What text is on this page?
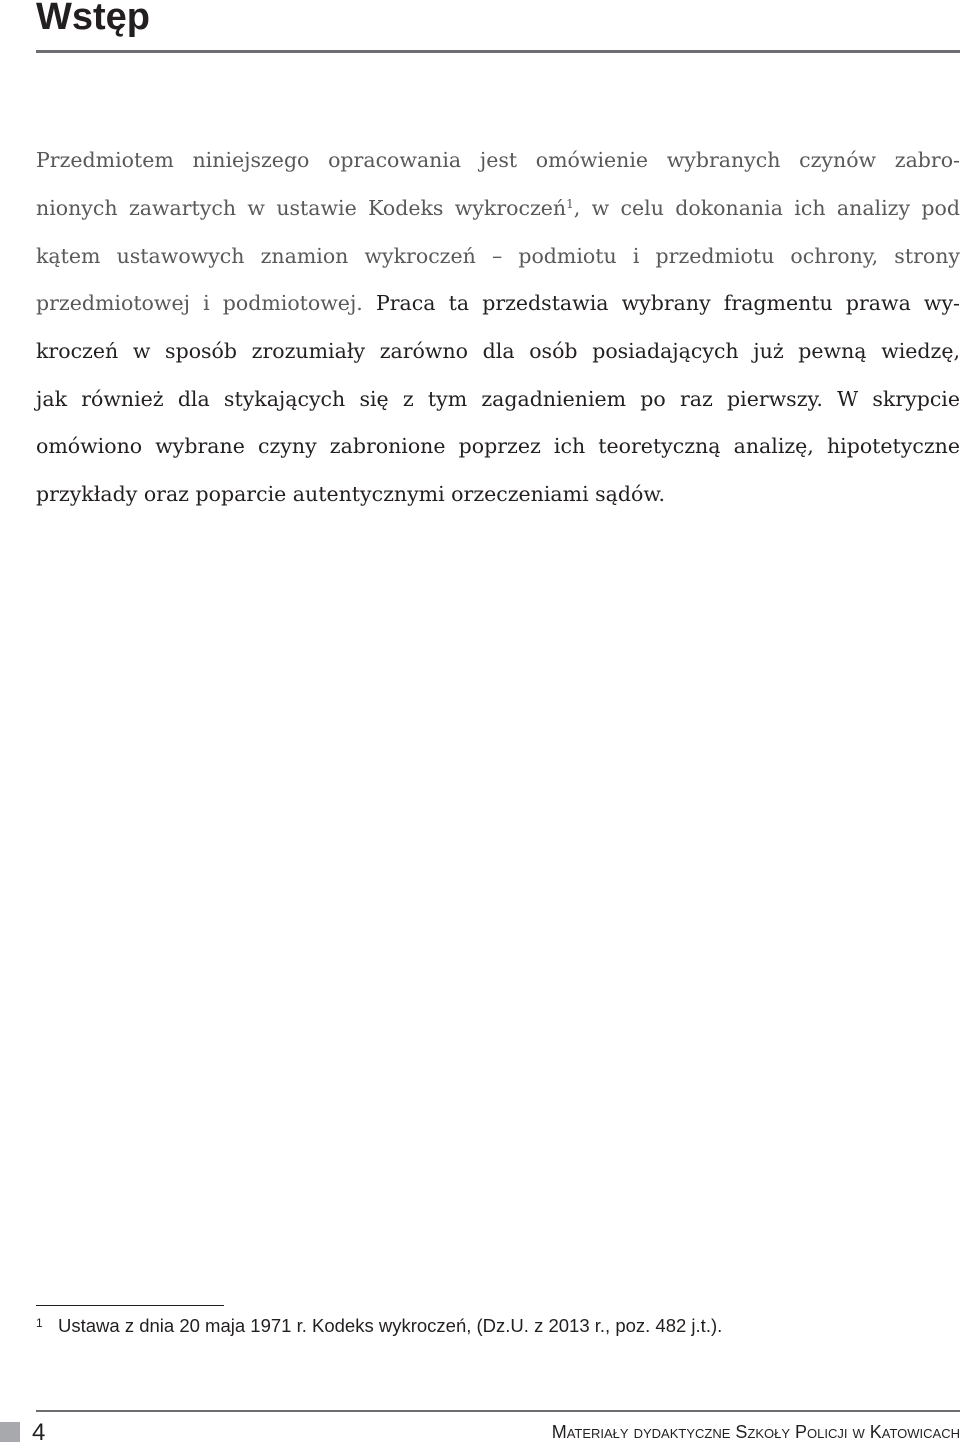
Wstęp
Przedmiotem niniejszego opracowania jest omówienie wybranych czynów zabro-
nionych zawartych w ustawie Kodeks wykroczeń$^1$, w celu dokonania ich analizy pod
kątem ustawowych znamion wykroczeń – podmiotu i przedmiotu ochrony, strony
przedmiotowej i podmiotowej. Praca ta przedstawia wybrany fragmentu prawa wy-
kroczeń w sposób zrozumiały zarówno dla osób posiadających już pewną wiedzę,
jak również dla stykających się z tym zagadnieniem po raz pierwszy. W skrypcie
omówiono wybrane czyny zabronione poprzez ich teoretyczną analizę, hipotetyczne
przykłady oraz poparcie autentycznymi orzeczeniami sądów.
1 Ustawa z dnia 20 maja 1971 r. Kodeks wykroczeń, (Dz.U. z 2013 r., poz. 482 j.t.).
4	Materiały dydaktyczne Szkoły Policji w Katowicach
